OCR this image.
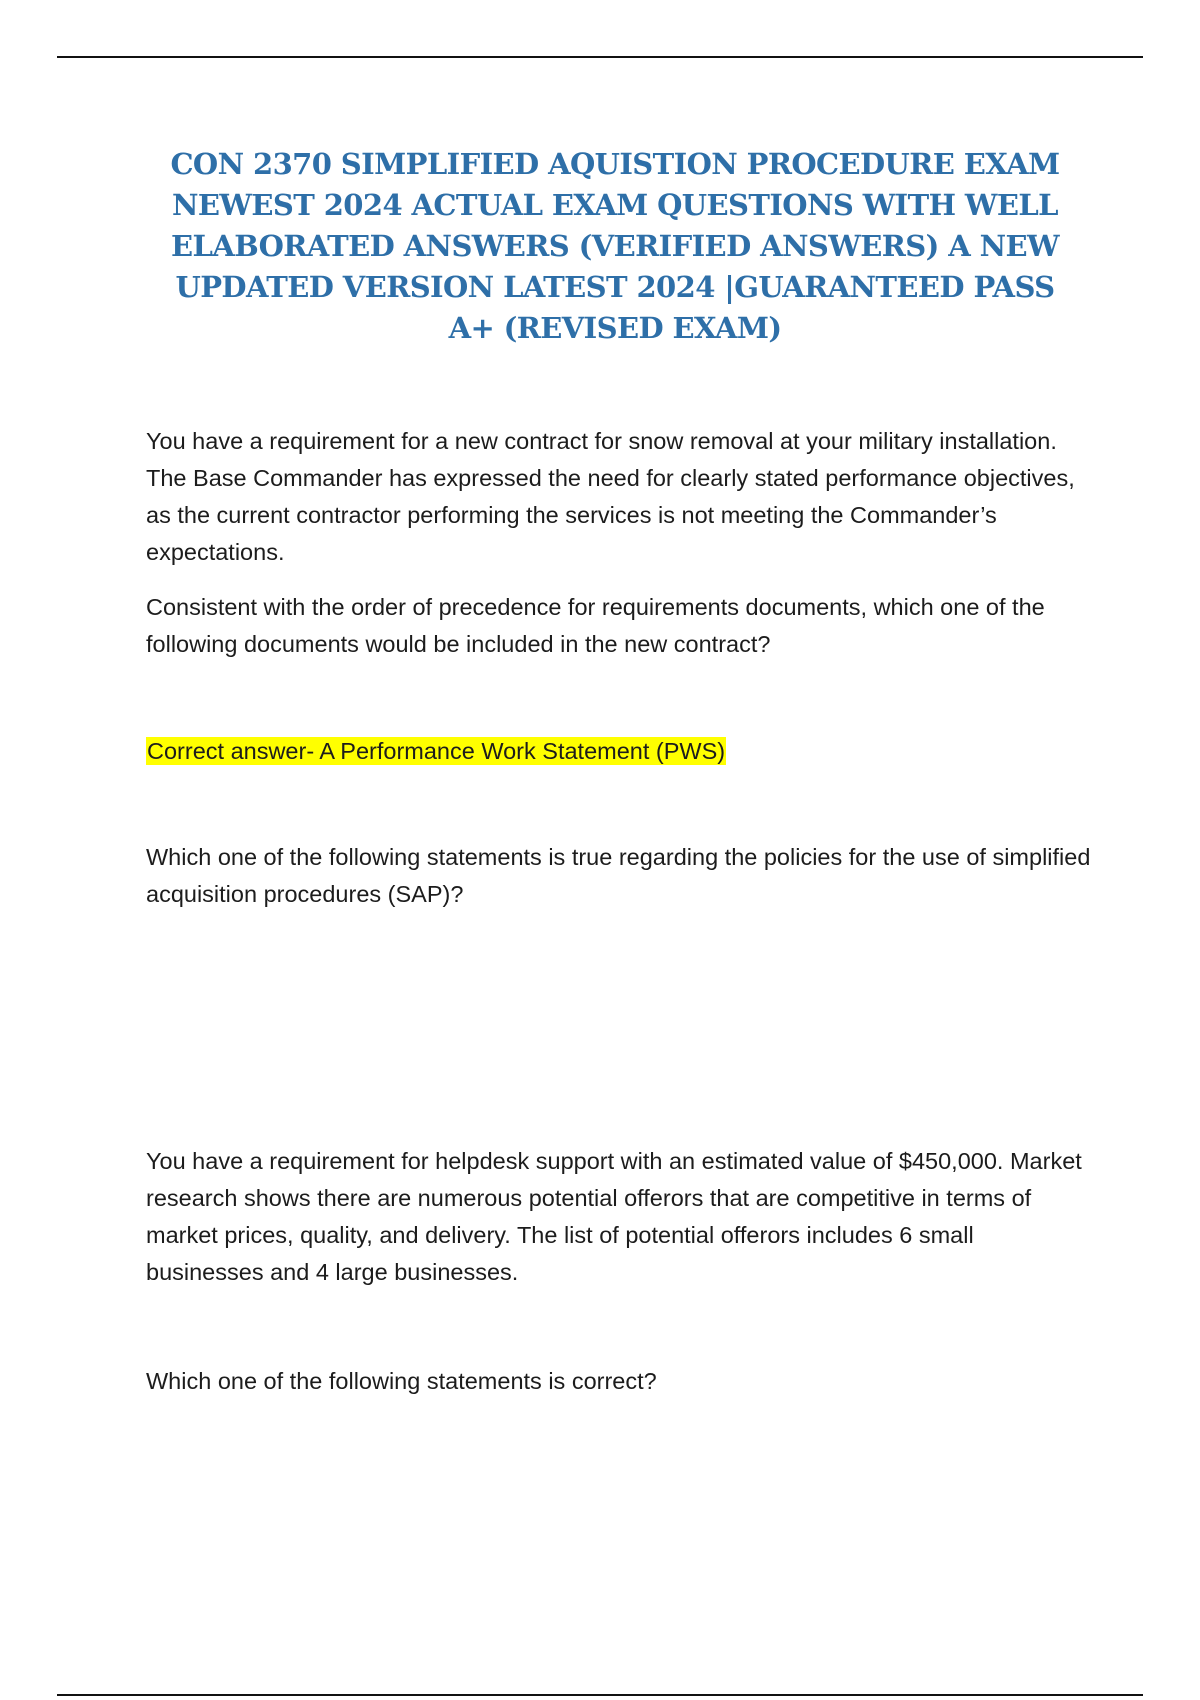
CON 2370 SIMPLIFIED AQUISTION PROCEDURE EXAM NEWEST 2024 ACTUAL EXAM QUESTIONS WITH WELL ELABORATED ANSWERS (VERIFIED ANSWERS) A NEW UPDATED VERSION LATEST 2024 |GUARANTEED PASS A+ (REVISED EXAM)

You have a requirement for a new contract for snow removal at your military installation. The Base Commander has expressed the need for clearly stated performance objectives, as the current contractor performing the services is not meeting the Commander’s expectations.

Consistent with the order of precedence for requirements documents, which one of the following documents would be included in the new contract?

Correct answer- A Performance Work Statement (PWS)

Which one of the following statements is true regarding the policies for the use of simplified acquisition procedures (SAP)?

You have a requirement for helpdesk support with an estimated value of $450,000. Market research shows there are numerous potential offerors that are competitive in terms of market prices, quality, and delivery. The list of potential offerors includes 6 small businesses and 4 large businesses.

Which one of the following statements is correct?
